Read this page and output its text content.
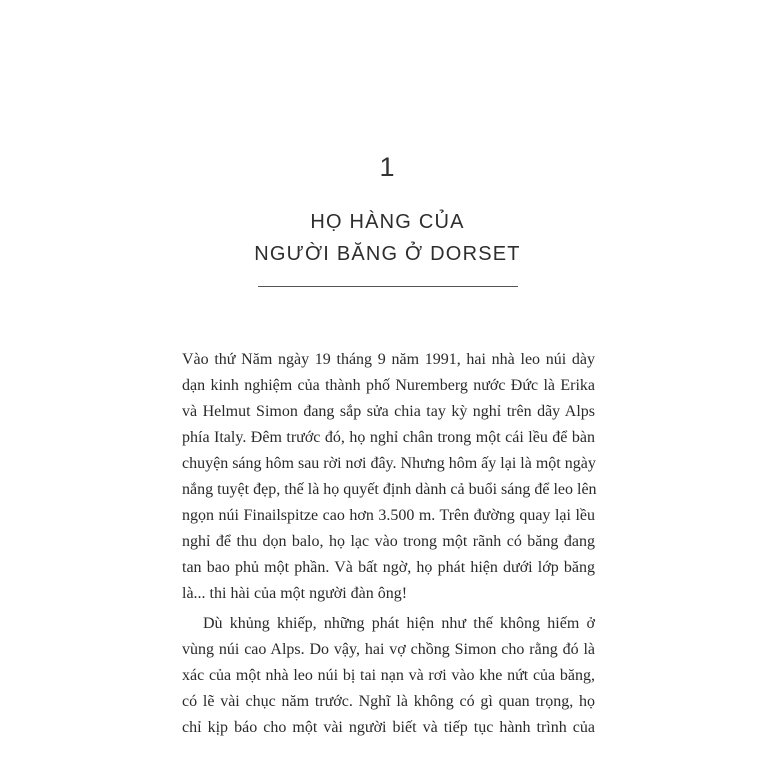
1
HỌ HÀNG CỦA
NGƯỜI BĂNG Ở DORSET

Vào thứ Năm ngày 19 tháng 9 năm 1991, hai nhà leo núi dày
dạn kinh nghiệm của thành phố Nuremberg nước Đức là Erika
và Helmut Simon đang sắp sửa chia tay kỳ nghỉ trên dãy Alps
phía Italy. Đêm trước đó, họ nghỉ chân trong một cái lều để bàn
chuyện sáng hôm sau rời nơi đây. Nhưng hôm ấy lại là một ngày
nắng tuyệt đẹp, thế là họ quyết định dành cả buổi sáng để leo lên
ngọn núi Finailspitze cao hơn 3.500 m. Trên đường quay lại lều
nghỉ để thu dọn balo, họ lạc vào trong một rãnh có băng đang
tan bao phủ một phần. Và bất ngờ, họ phát hiện dưới lớp băng
là... thi hài của một người đàn ông!

Dù khủng khiếp, những phát hiện như thế không hiếm ở
vùng núi cao Alps. Do vậy, hai vợ chồng Simon cho rằng đó là
xác của một nhà leo núi bị tai nạn và rơi vào khe nứt của băng,
có lẽ vài chục năm trước. Nghĩ là không có gì quan trọng, họ
chỉ kịp báo cho một vài người biết và tiếp tục hành trình của
